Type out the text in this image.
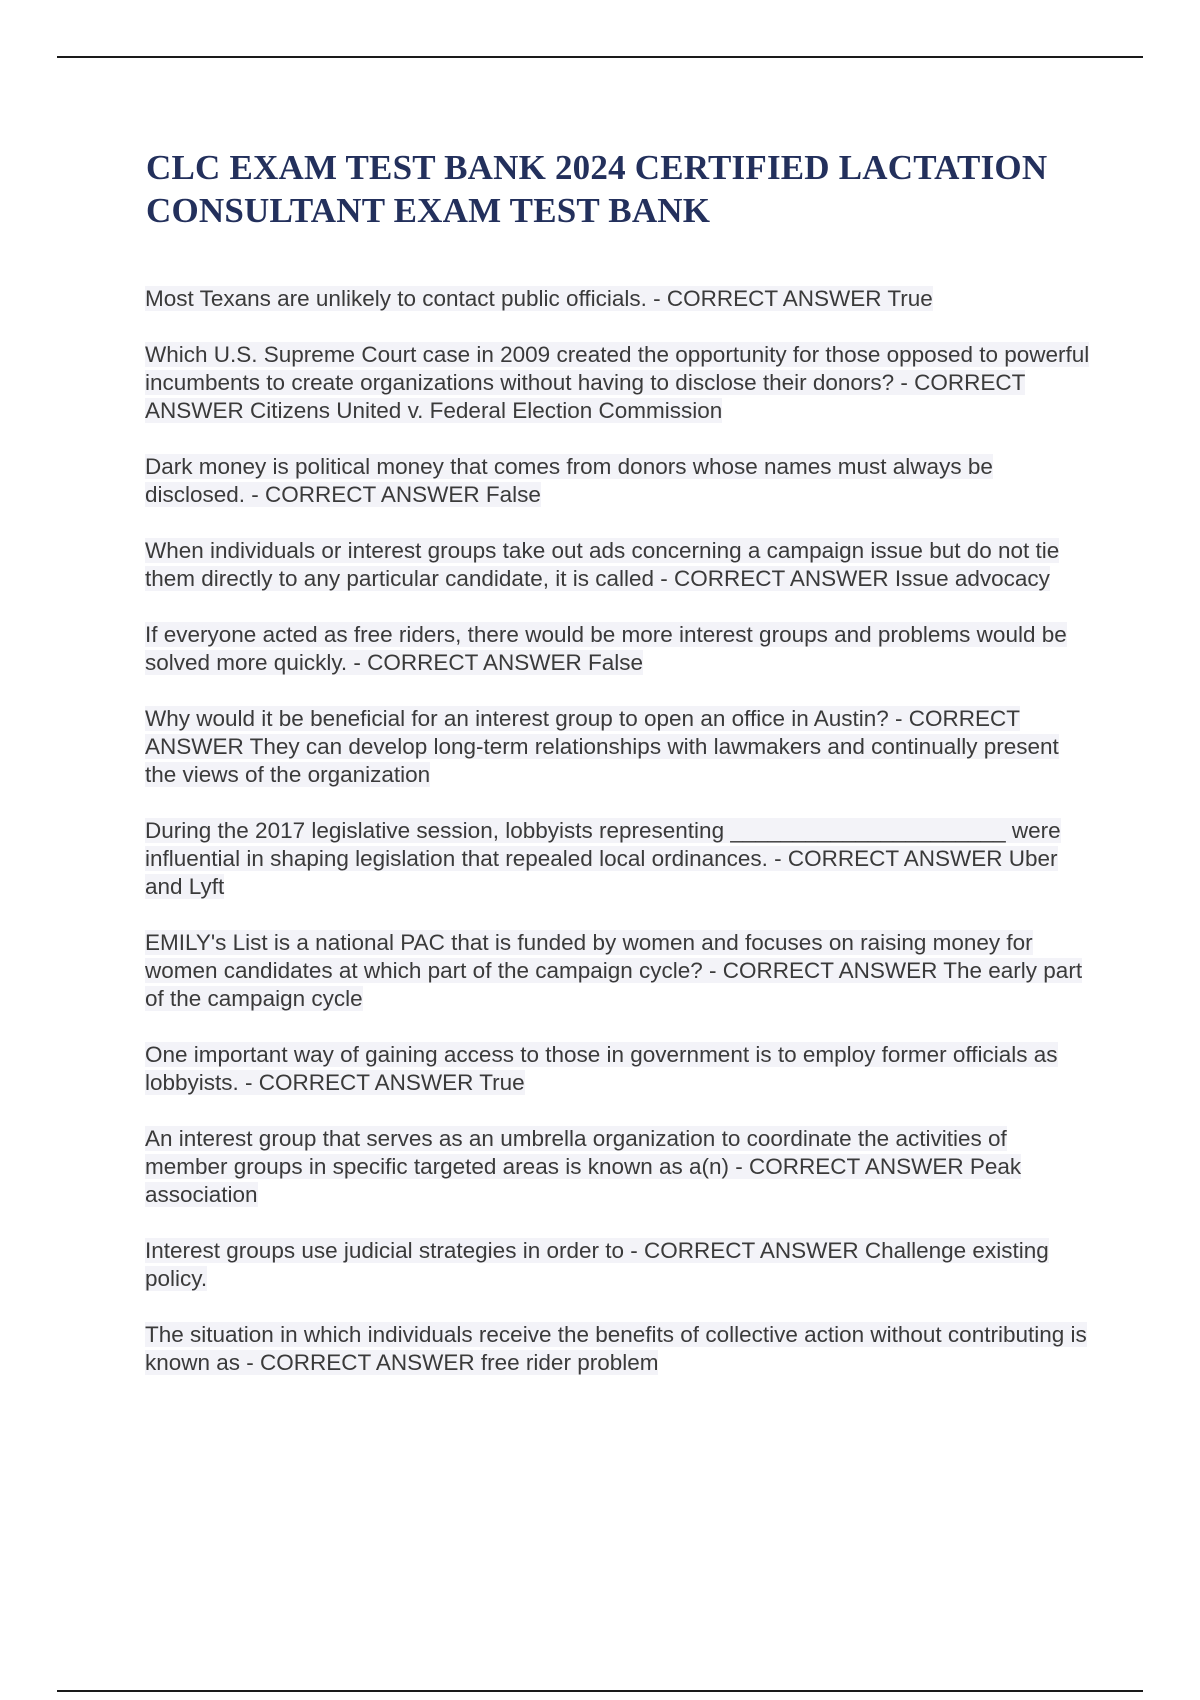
CLC EXAM TEST BANK 2024 CERTIFIED LACTATION CONSULTANT EXAM TEST BANK
Most Texans are unlikely to contact public officials. - CORRECT ANSWER True
Which U.S. Supreme Court case in 2009 created the opportunity for those opposed to powerful incumbents to create organizations without having to disclose their donors? - CORRECT ANSWER Citizens United v. Federal Election Commission
Dark money is political money that comes from donors whose names must always be disclosed. - CORRECT ANSWER False
When individuals or interest groups take out ads concerning a campaign issue but do not tie them directly to any particular candidate, it is called - CORRECT ANSWER Issue advocacy
If everyone acted as free riders, there would be more interest groups and problems would be solved more quickly. - CORRECT ANSWER False
Why would it be beneficial for an interest group to open an office in Austin? - CORRECT ANSWER They can develop long-term relationships with lawmakers and continually present the views of the organization
During the 2017 legislative session, lobbyists representing ______________________ were influential in shaping legislation that repealed local ordinances. - CORRECT ANSWER Uber and Lyft
EMILY's List is a national PAC that is funded by women and focuses on raising money for women candidates at which part of the campaign cycle? - CORRECT ANSWER The early part of the campaign cycle
One important way of gaining access to those in government is to employ former officials as lobbyists. - CORRECT ANSWER True
An interest group that serves as an umbrella organization to coordinate the activities of member groups in specific targeted areas is known as a(n) - CORRECT ANSWER Peak association
Interest groups use judicial strategies in order to - CORRECT ANSWER Challenge existing policy.
The situation in which individuals receive the benefits of collective action without contributing is known as - CORRECT ANSWER free rider problem
